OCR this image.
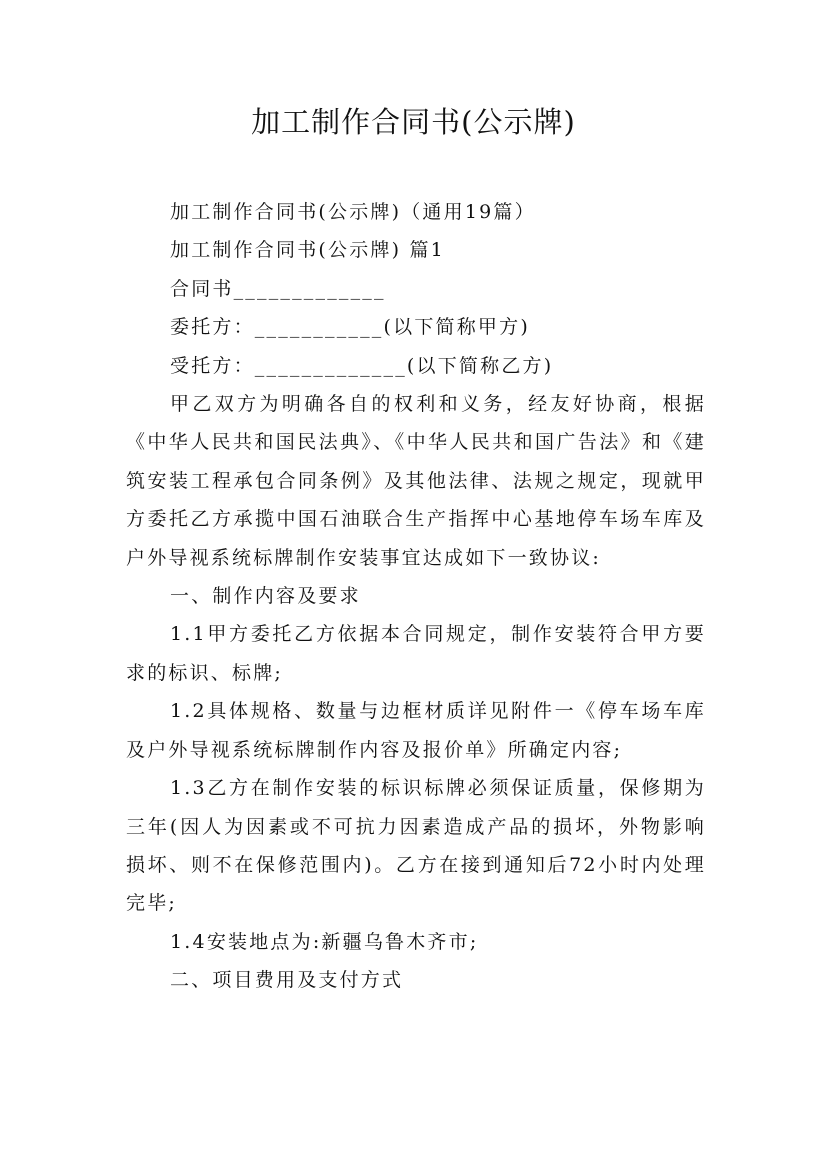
加工制作合同书(公示牌)

加工制作合同书(公示牌)（通用19篇）

加工制作合同书(公示牌) 篇1

合同书_____________

委托方：___________(以下简称甲方)

受托方：_____________(以下简称乙方)

甲乙双方为明确各自的权利和义务，经友好协商，根据《中华人民共和国民法典》、《中华人民共和国广告法》和《建筑安装工程承包合同条例》及其他法律、法规之规定，现就甲方委托乙方承揽中国石油联合生产指挥中心基地停车场车库及户外导视系统标牌制作安装事宜达成如下一致协议:

一、制作内容及要求

1.1甲方委托乙方依据本合同规定，制作安装符合甲方要求的标识、标牌;

1.2具体规格、数量与边框材质详见附件一《停车场车库及户外导视系统标牌制作内容及报价单》所确定内容;

1.3乙方在制作安装的标识标牌必须保证质量，保修期为三年(因人为因素或不可抗力因素造成产品的损坏，外物影响损坏、则不在保修范围内)。乙方在接到通知后72小时内处理完毕;

1.4安装地点为:新疆乌鲁木齐市;

二、项目费用及支付方式
